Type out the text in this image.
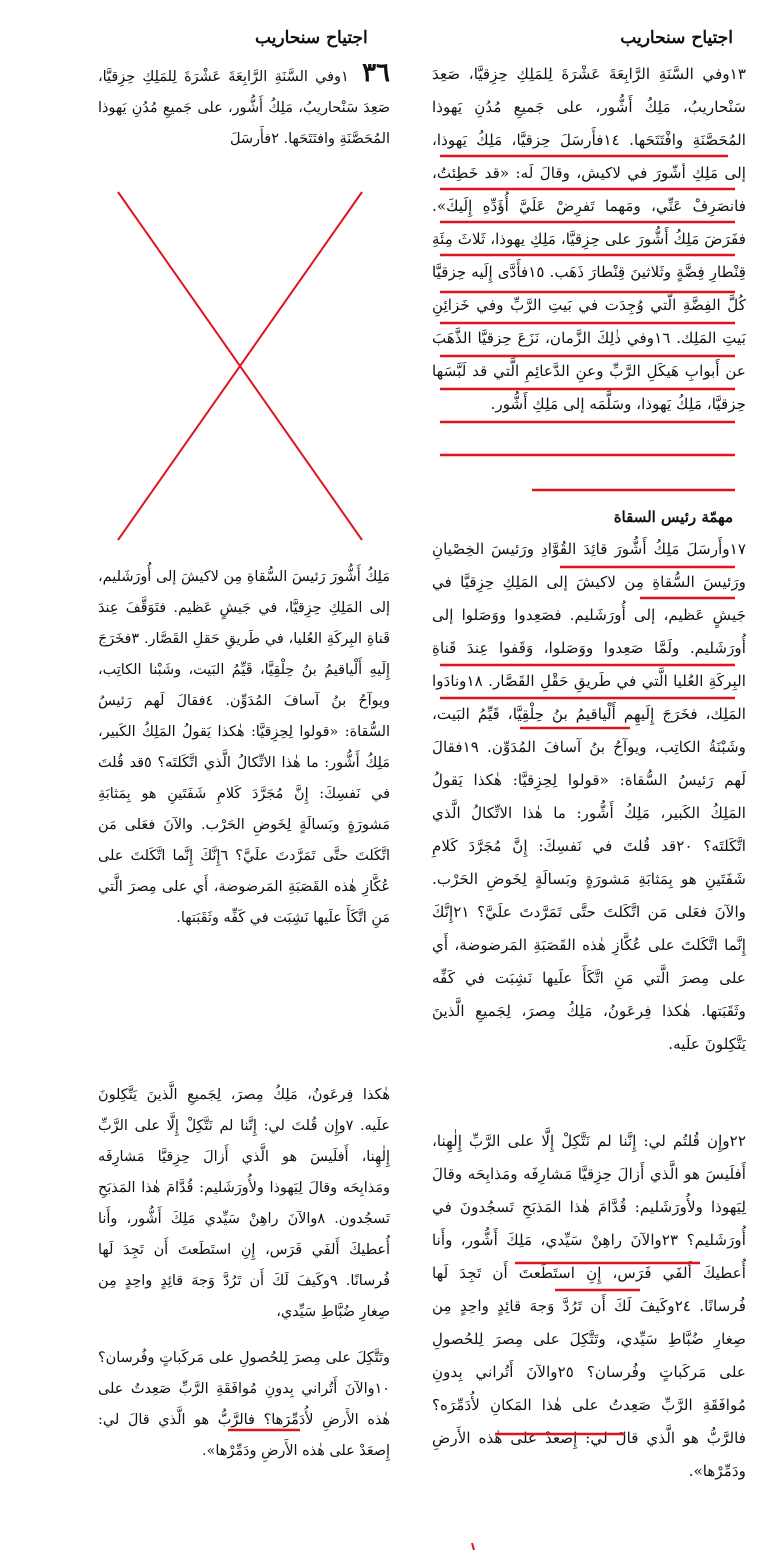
اجتياح سنحاريب

١٣وفي السَّنَةِ الرَّابِعَةَ عَشْرَةَ لِلمَلِكِ حِزِقيَّا، صَعِدَ سَنْحاريبُ، مَلِكُ أَشُّور، على جَميعِ مُدُنِ يَهوذا المُحَصَّنَةِ وافْتَتَحَها. ١٤فأَرسَلَ حِزقيَّا، مَلِكُ يَهوذا، إلى مَلِكِ أشّورَ في لاكيش، وقالَ لَه: «قد خَطِئتُ، فانصَرِفْ عَنِّي، ومَهما تَفرِضْ عَلَيَّ أُؤَدِّهِ إِلَيكَ». ففَرَضَ مَلِكُ أَشُّورَ على حِزِقيَّا، مَلِكِ يهوذا، ثَلاثَ مِئَةِ قِنْطارِ فِضَّةٍ وثَلاثينَ قِنْطارَ ذَهَب. ١٥فأَدَّى إِلَيه حِزقيَّا كُلَّ الفِضَّةِ الَّتي وُجِدَت في بَيتِ الرَّبِّ وفي خَزائِنِ بَيتِ المَلِك. ١٦وفي ذٰلِكَ الزَّمان، نَزَعَ حِزقيَّا الذَّهَبَ عن أَبوابِ هَيكَلِ الرَّبِّ وعنِ الدَّعائِمِ الَّتي قد لَبَّسَها حِزقيَّا، مَلِكُ يَهوذا، وسَلَّمَه إلى مَلِكِ أَشُّور.

مهمّة رئيس السقاة

١٧وأَرسَلَ مَلِكُ أَشُّورَ قائِدَ القُوَّادِ ورَئيسَ الخِصْيانِ ورَئيسَ السُّقاةِ مِن لاكيشَ إلى المَلِكِ حِزِقيَّا في جَيشٍ عَظيم، إلى أُورَشَليم. فصَعِدوا ووَصَلوا إلى أُورَشَليم. ولَمَّا صَعِدوا ووَصَلوا، وَقَفوا عِندَ قَناةِ البِركَةِ العُليا الَّتي في طَريقِ حَقْلِ القَصَّار. ١٨ونادَوا المَلِك، فخَرَجَ إِلَيهِم أَلْياقيمُ بنُ حِلْقِيَّا، قَيِّمُ البَيت، وشَبْنَةُ الكاتِب، ويوآحُ بنُ آسافَ المُدَوِّن. ١٩فقالَ لَهم رَئيسُ السُّقاة: «قولوا لِحِزِقيَّا: هٰكذا يَقولُ المَلِكُ الكَبير، مَلِكُ أَشُّور: ما هٰذا الاتِّكالُ الَّذي اتَّكَلتَه؟ ٢٠قد قُلتَ في نَفسِكَ: إِنَّ مُجَرَّدَ كَلامِ شَفَتَينِ هو بِمَثابَةِ مَشورَةٍ وبَسالَةٍ لِخَوضِ الحَرْب. والآنَ فعَلى مَن اتَّكَلتَ حتَّى تَمَرَّدتَ علَيَّ؟ ٢١إِنَّكَ إِنَّما اتَّكَلتَ على عُكَّازِ هٰذه القَصَبَةِ المَرضوضة، أَي على مِصرَ الَّتي مَنِ اتَّكَأَ علَيها نَشِبَت في كَفِّه وثَقَبَتها. هٰكذا فِرعَونُ، مَلِكُ مِصرَ، لِجَميعِ الَّذينَ يَتَّكِلونَ علَيه.

٢٢وإِن قُلتُم لي: إِنَّنا لم نَتَّكِلْ إِلَّا على الرَّبِّ إِلٰهِنا، أَفلَيسَ هو الَّذي أَزالَ حِزِقيَّا مَشارِفَه ومَذابِحَه وقالَ لِيَهوذا ولأُورَشَليم: قُدَّامَ هٰذا المَذبَحِ تَسجُدونَ في أُورَشَليم؟ ٢٣والآنَ راهِنْ سَيِّدي، مَلِكَ أَشُّور، وأَنا أُعطيكَ أَلفَي فَرَس، إِنِ استَطَعتَ أَن تَجِدَ لَها فُرسانًا. ٢٤وكَيفَ لَكَ أَن تَرُدَّ وَجهَ قائِدٍ واحِدٍ مِن صِغارِ ضُبَّاطِ سَيِّدي، وتَتَّكِلَ على مِصرَ لِلحُصولِ على مَركَباتٍ وفُرسان؟ ٢٥والآنَ أَتُراني بِدونِ مُوافَقَةِ الرَّبِّ صَعِدتُ على هٰذا المَكانِ لأُدَمِّرَه؟ فالرَّبُّ هو الَّذي قالَ لي: إِصعَدْ على هٰذه الأَرضِ ودَمِّرْها».

اجتياح سنحاريب

٣٦ ١وفي السَّنَةِ الرَّابِعَةَ عَشْرَةَ لِلمَلِكِ حِزِقيَّا، صَعِدَ سَنْحاريبُ، مَلِكُ أَشُّور، على جَميعِ مُدُنِ يَهوذا المُحَصَّنَةِ وافتَتَحَها. ٢فأَرسَلَ

مَلِكُ أَشُّورَ رَئيسَ السُّقاةِ مِن لاكيشَ إلى أُورَشَليم، إلى المَلِكِ حِزِقيَّا، في جَيشٍ عَظيم. فتَوَقَّفَ عِندَ قَناةِ البِركَةِ العُليا، في طَريقِ حَقلِ القَصَّار. ٣فخَرَجَ إِلَيهِ أَلْياقيمُ بنُ حِلْقِيَّا، قَيِّمُ البَيت، وشَبْنا الكاتِب، ويوآحُ بنُ آسافَ المُدَوِّن. ٤فقالَ لَهم رَئيسُ السُّقاة: «قولوا لِحِزِقيَّا: هٰكذا يَقولُ المَلِكُ الكَبير، مَلِكُ أَشُّور: ما هٰذا الاتِّكالُ الَّذي اتَّكَلتَه؟ ٥قد قُلتَ في نَفسِكَ: إِنَّ مُجَرَّدَ كَلامِ شَفَتَينِ هو بِمَثابَةِ مَشورَةٍ وبَسالَةٍ لِخَوضِ الحَرْب. والآنَ فعَلى مَن اتَّكَلتَ حتَّى تَمَرَّدتَ علَيَّ؟ ٦إِنَّكَ إِنَّما اتَّكَلتَ على عُكَّازِ هٰذه القَصَبَةِ المَرضوضة، أَي على مِصرَ الَّتي مَنِ اتَّكَأَ علَيها نَشِبَت في كَفِّه وثَقَبَتها.

هٰكذا فِرعَونُ، مَلِكُ مِصرَ، لِجَميعِ الَّذينَ يَتَّكِلونَ علَيه. ٧وإِن قُلتَ لي: إِنَّنا لم نَتَّكِلْ إِلَّا على الرَّبِّ إِلٰهِنا، أَفلَيسَ هو الَّذي أَزالَ حِزِقيَّا مَشارِفَه ومَذابِحَه وقالَ لِيَهوذا ولأُورَشَليم: قُدَّامَ هٰذا المَذبَحِ تَسجُدون. ٨والآنَ راهِنْ سَيِّدي مَلِكَ أَشُّور، وأَنا أُعطيكَ أَلفَي فَرَس، إِنِ استَطَعتَ أَن تَجِدَ لَها فُرسانًا. ٩وكَيفَ لَكَ أَن تَرُدَّ وَجهَ قائِدٍ واحِدٍ مِن صِغارِ ضُبَّاطِ سَيِّدي،

وتَتَّكِلَ على مِصرَ لِلحُصولِ على مَركَباتٍ وفُرسان؟ ١٠والآنَ أَتُراني بِدونِ مُوافَقَةِ الرَّبِّ صَعِدتُ على هٰذه الأَرضِ لأُدَمِّرَها؟ فالرَّبُّ هو الَّذي قالَ لي: إِصعَدْ على هٰذه الأَرضِ ودَمِّرْها».
